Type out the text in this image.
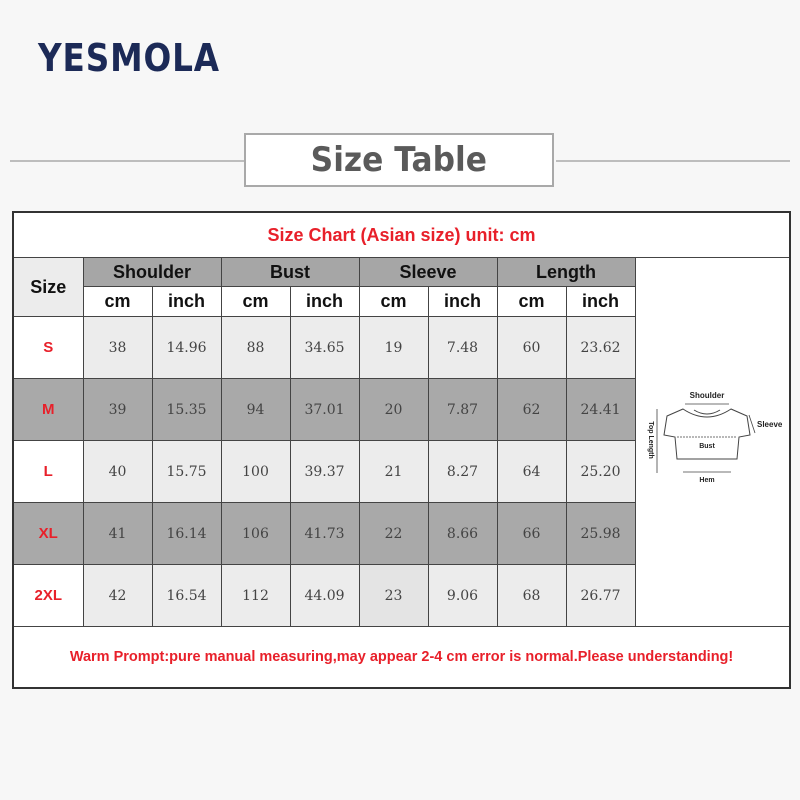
YESMOLA
Size Table
Size Chart (Asian size) unit: cm									
Size	Shoulder		Bust		Sleeve		Length		Shoulder
Sleeve
Bust
Top Length
Hem

	cm	inch	cm	inch	cm	inch	cm	inch	
S	38	14.96	88	34.65	19	7.48	60	23.62	
M	39	15.35	94	37.01	20	7.87	62	24.41	
L	40	15.75	100	39.37	21	8.27	64	25.20	
XL	41	16.14	106	41.73	22	8.66	66	25.98	
2XL	42	16.54	112	44.09	23	9.06	68	26.77	
Warm Prompt:pure manual measuring,may appear 2-4 cm error is normal.Please understanding!									
